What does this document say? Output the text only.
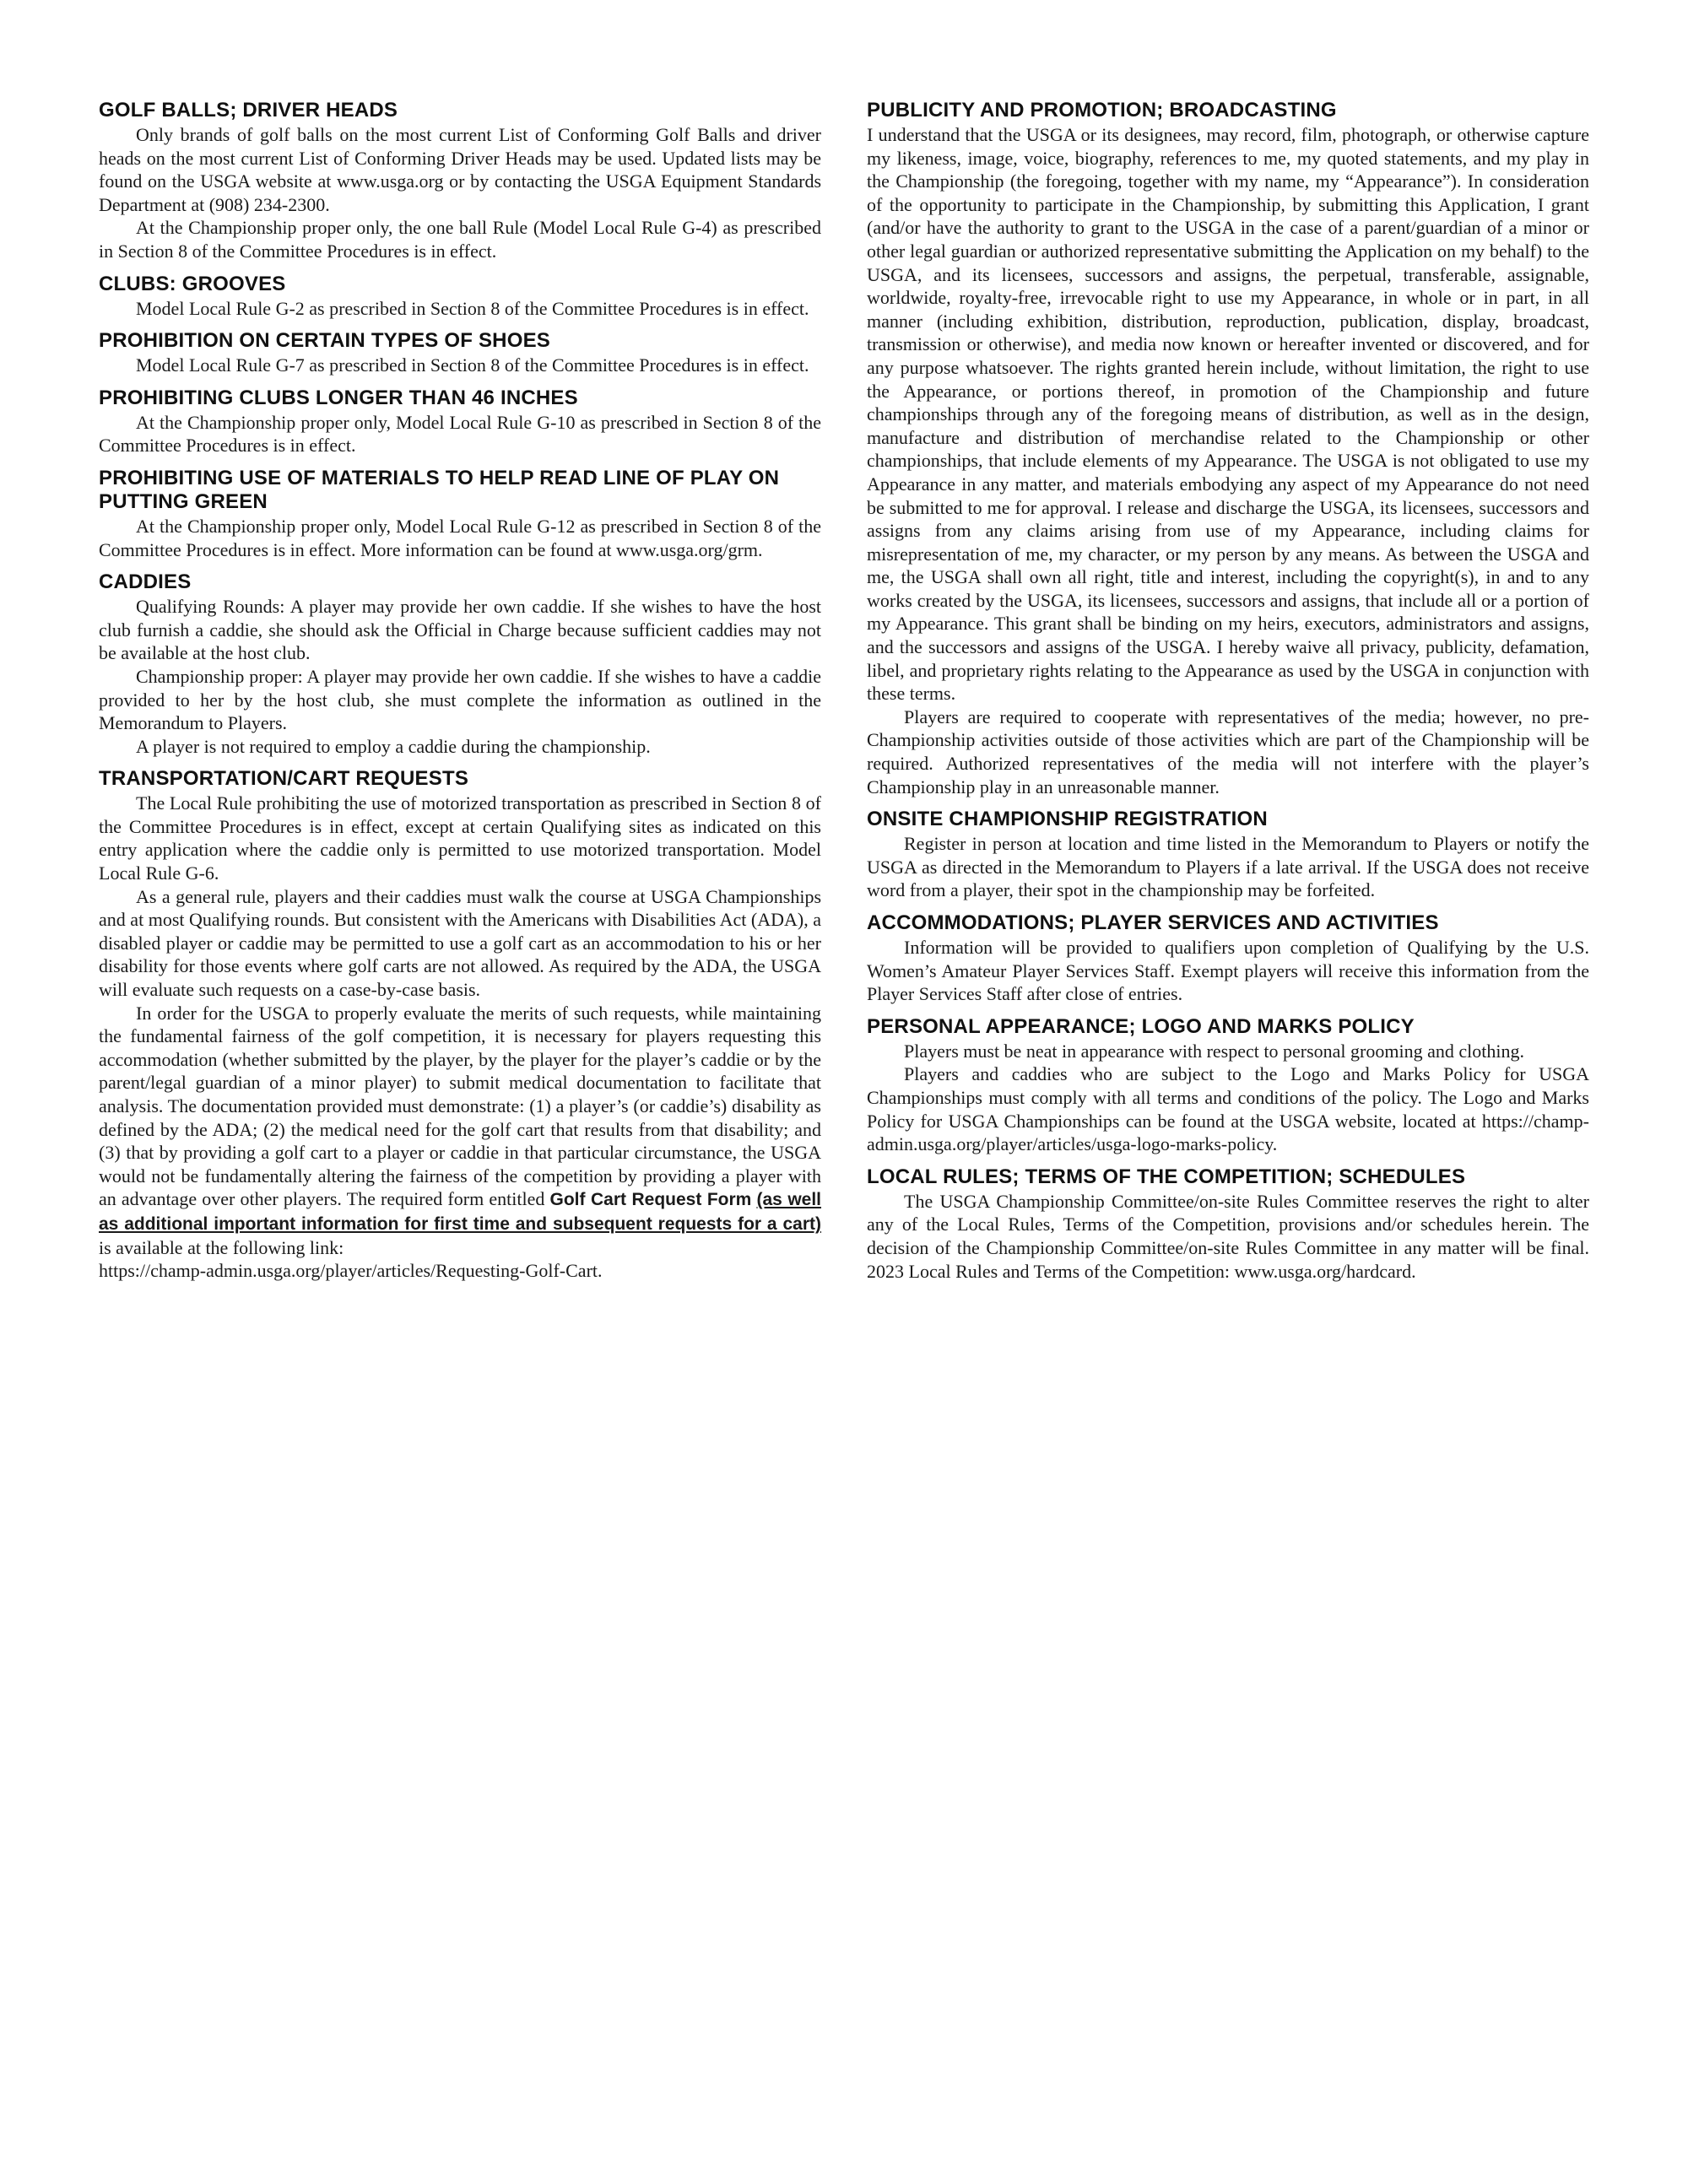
GOLF BALLS; DRIVER HEADS

Only brands of golf balls on the most current List of Conforming Golf Balls and driver heads on the most current List of Conforming Driver Heads may be used. Updated lists may be found on the USGA website at www.usga.org or by contacting the USGA Equipment Standards Department at (908) 234-2300.

At the Championship proper only, the one ball Rule (Model Local Rule G-4) as prescribed in Section 8 of the Committee Procedures is in effect.

CLUBS: GROOVES

Model Local Rule G-2 as prescribed in Section 8 of the Committee Procedures is in effect.

PROHIBITION ON CERTAIN TYPES OF SHOES

Model Local Rule G-7 as prescribed in Section 8 of the Committee Procedures is in effect.

PROHIBITING CLUBS LONGER THAN 46 INCHES

At the Championship proper only, Model Local Rule G-10 as prescribed in Section 8 of the Committee Procedures is in effect.

PROHIBITING USE OF MATERIALS TO HELP READ LINE OF PLAY ON PUTTING GREEN

At the Championship proper only, Model Local Rule G-12 as prescribed in Section 8 of the Committee Procedures is in effect. More information can be found at www.usga.org/grm.

CADDIES

Qualifying Rounds: A player may provide her own caddie. If she wishes to have the host club furnish a caddie, she should ask the Official in Charge because sufficient caddies may not be available at the host club.

Championship proper: A player may provide her own caddie. If she wishes to have a caddie provided to her by the host club, she must complete the information as outlined in the Memorandum to Players.

A player is not required to employ a caddie during the championship.

TRANSPORTATION/CART REQUESTS

The Local Rule prohibiting the use of motorized transportation as prescribed in Section 8 of the Committee Procedures is in effect, except at certain Qualifying sites as indicated on this entry application where the caddie only is permitted to use motorized transportation. Model Local Rule G-6.

As a general rule, players and their caddies must walk the course at USGA Championships and at most Qualifying rounds. But consistent with the Americans with Disabilities Act (ADA), a disabled player or caddie may be permitted to use a golf cart as an accommodation to his or her disability for those events where golf carts are not allowed. As required by the ADA, the USGA will evaluate such requests on a case-by-case basis.

In order for the USGA to properly evaluate the merits of such requests, while maintaining the fundamental fairness of the golf competition, it is necessary for players requesting this accommodation (whether submitted by the player, by the player for the player’s caddie or by the parent/legal guardian of a minor player) to submit medical documentation to facilitate that analysis. The documentation provided must demonstrate: (1) a player’s (or caddie’s) disability as defined by the ADA; (2) the medical need for the golf cart that results from that disability; and (3) that by providing a golf cart to a player or caddie in that particular circumstance, the USGA would not be fundamentally altering the fairness of the competition by providing a player with an advantage over other players. The required form entitled Golf Cart Request Form (as well as additional important information for first time and subsequent requests for a cart) is available at the following link:

https://champ-admin.usga.org/player/articles/Requesting-Golf-Cart.

PUBLICITY AND PROMOTION; BROADCASTING

I understand that the USGA or its designees, may record, film, photograph, or otherwise capture my likeness, image, voice, biography, references to me, my quoted statements, and my play in the Championship (the foregoing, together with my name, my “Appearance”). In consideration of the opportunity to participate in the Championship, by submitting this Application, I grant (and/or have the authority to grant to the USGA in the case of a parent/guardian of a minor or other legal guardian or authorized representative submitting the Application on my behalf) to the USGA, and its licensees, successors and assigns, the perpetual, transferable, assignable, worldwide, royalty-free, irrevocable right to use my Appearance, in whole or in part, in all manner (including exhibition, distribution, reproduction, publication, display, broadcast, transmission or otherwise), and media now known or hereafter invented or discovered, and for any purpose whatsoever. The rights granted herein include, without limitation, the right to use the Appearance, or portions thereof, in promotion of the Championship and future championships through any of the foregoing means of distribution, as well as in the design, manufacture and distribution of merchandise related to the Championship or other championships, that include elements of my Appearance. The USGA is not obligated to use my Appearance in any matter, and materials embodying any aspect of my Appearance do not need be submitted to me for approval. I release and discharge the USGA, its licensees, successors and assigns from any claims arising from use of my Appearance, including claims for misrepresentation of me, my character, or my person by any means. As between the USGA and me, the USGA shall own all right, title and interest, including the copyright(s), in and to any works created by the USGA, its licensees, successors and assigns, that include all or a portion of my Appearance. This grant shall be binding on my heirs, executors, administrators and assigns, and the successors and assigns of the USGA. I hereby waive all privacy, publicity, defamation, libel, and proprietary rights relating to the Appearance as used by the USGA in conjunction with these terms.

Players are required to cooperate with representatives of the media; however, no pre-Championship activities outside of those activities which are part of the Championship will be required. Authorized representatives of the media will not interfere with the player’s Championship play in an unreasonable manner.

ONSITE CHAMPIONSHIP REGISTRATION

Register in person at location and time listed in the Memorandum to Players or notify the USGA as directed in the Memorandum to Players if a late arrival. If the USGA does not receive word from a player, their spot in the championship may be forfeited.

ACCOMMODATIONS; PLAYER SERVICES AND ACTIVITIES

Information will be provided to qualifiers upon completion of Qualifying by the U.S. Women’s Amateur Player Services Staff. Exempt players will receive this information from the Player Services Staff after close of entries.

PERSONAL APPEARANCE; LOGO AND MARKS POLICY

Players must be neat in appearance with respect to personal grooming and clothing.

Players and caddies who are subject to the Logo and Marks Policy for USGA Championships must comply with all terms and conditions of the policy. The Logo and Marks Policy for USGA Championships can be found at the USGA website, located at https://champ-admin.usga.org/player/articles/usga-logo-marks-policy.

LOCAL RULES; TERMS OF THE COMPETITION; SCHEDULES

The USGA Championship Committee/on-site Rules Committee reserves the right to alter any of the Local Rules, Terms of the Competition, provisions and/or schedules herein. The decision of the Championship Committee/on-site Rules Committee in any matter will be final. 2023 Local Rules and Terms of the Competition: www.usga.org/hardcard.
